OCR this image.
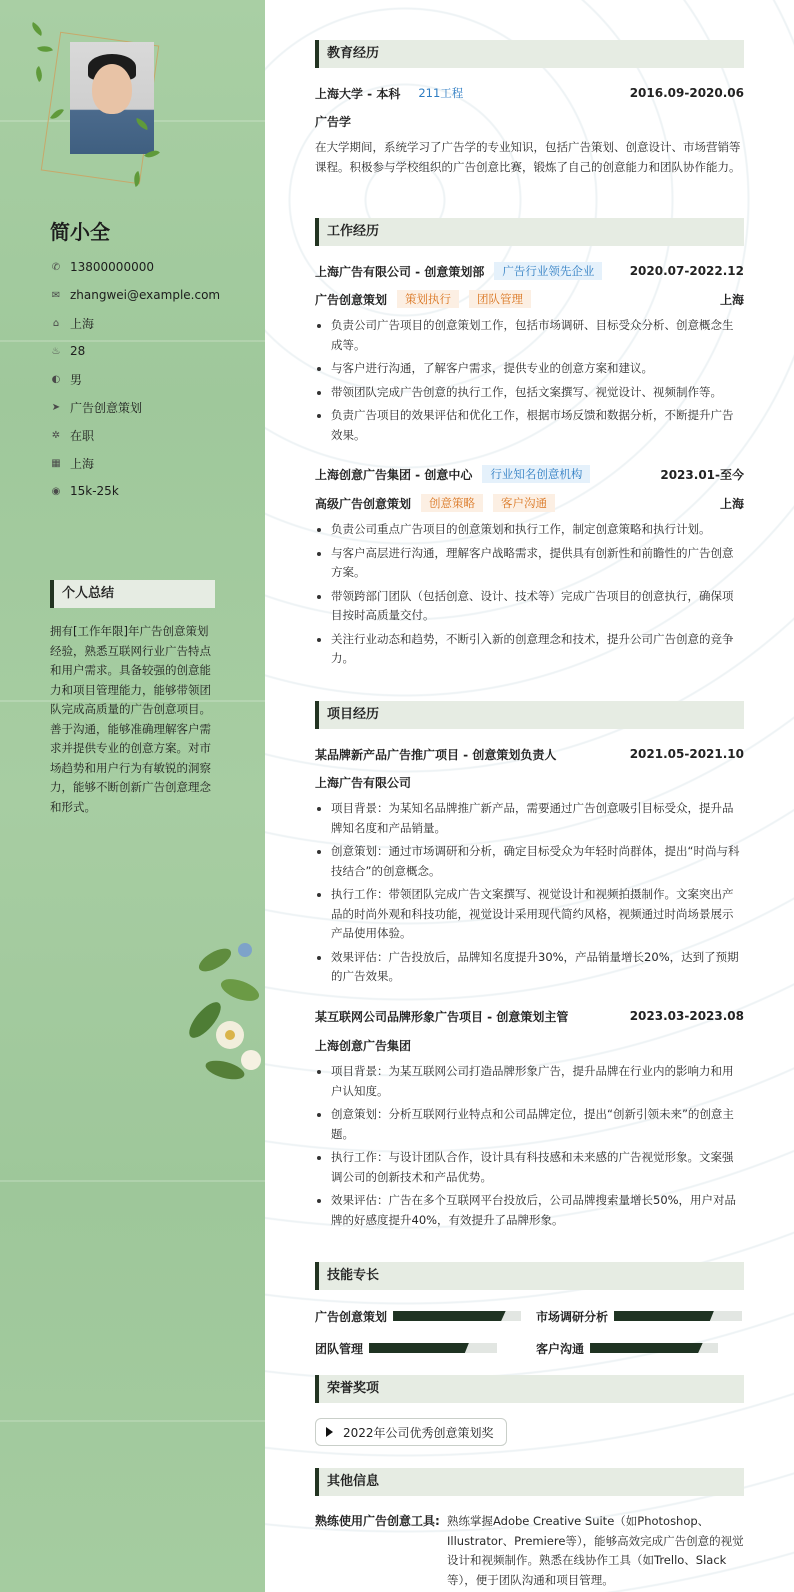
简小全
✆ 13800000000
✉ zhangwei@example.com
⌂ 上海
♨ 28
◐ 男
➤ 广告创意策划
✲ 在职
▦ 上海
◉ 15k-25k
个人总结
拥有[工作年限]年广告创意策划经验，熟悉互联网行业广告特点和用户需求。具备较强的创意能力和项目管理能力，能够带领团队完成高质量的广告创意项目。善于沟通，能够准确理解客户需求并提供专业的创意方案。对市场趋势和用户行为有敏锐的洞察力，能够不断创新广告创意理念和形式。
教育经历
上海大学 - 本科	211工程	2016.09-2020.06
广告学
在大学期间，系统学习了广告学的专业知识，包括广告策划、创意设计、市场营销等课程。积极参与学校组织的广告创意比赛，锻炼了自己的创意能力和团队协作能力。
工作经历
上海广告有限公司 - 创意策划部	广告行业领先企业	2020.07-2022.12
广告创意策划	策划执行	团队管理	上海
负责公司广告项目的创意策划工作，包括市场调研、目标受众分析、创意概念生成等。
与客户进行沟通，了解客户需求，提供专业的创意方案和建议。
带领团队完成广告创意的执行工作，包括文案撰写、视觉设计、视频制作等。
负责广告项目的效果评估和优化工作，根据市场反馈和数据分析，不断提升广告效果。
上海创意广告集团 - 创意中心	行业知名创意机构	2023.01-至今
高级广告创意策划	创意策略	客户沟通	上海
负责公司重点广告项目的创意策划和执行工作，制定创意策略和执行计划。
与客户高层进行沟通，理解客户战略需求，提供具有创新性和前瞻性的广告创意方案。
带领跨部门团队（包括创意、设计、技术等）完成广告项目的创意执行，确保项目按时高质量交付。
关注行业动态和趋势，不断引入新的创意理念和技术，提升公司广告创意的竞争力。
项目经历
某品牌新产品广告推广项目 - 创意策划负责人	2021.05-2021.10
上海广告有限公司
项目背景：为某知名品牌推广新产品，需要通过广告创意吸引目标受众，提升品牌知名度和产品销量。
创意策划：通过市场调研和分析，确定目标受众为年轻时尚群体，提出“时尚与科技结合”的创意概念。
执行工作：带领团队完成广告文案撰写、视觉设计和视频拍摄制作。文案突出产品的时尚外观和科技功能，视觉设计采用现代简约风格，视频通过时尚场景展示产品使用体验。
效果评估：广告投放后，品牌知名度提升30%，产品销量增长20%，达到了预期的广告效果。
某互联网公司品牌形象广告项目 - 创意策划主管	2023.03-2023.08
上海创意广告集团
项目背景：为某互联网公司打造品牌形象广告，提升品牌在行业内的影响力和用户认知度。
创意策划：分析互联网行业特点和公司品牌定位，提出“创新引领未来”的创意主题。
执行工作：与设计团队合作，设计具有科技感和未来感的广告视觉形象。文案强调公司的创新技术和产品优势。
效果评估：广告在多个互联网平台投放后，公司品牌搜索量增长50%，用户对品牌的好感度提升40%，有效提升了品牌形象。
技能专长
广告创意策划	市场调研分析
团队管理	客户沟通
荣誉奖项
2022年公司优秀创意策划奖
其他信息
熟练使用广告创意工具: 熟练掌握Adobe Creative Suite（如Photoshop、Illustrator、Premiere等），能够高效完成广告创意的视觉设计和视频制作。熟悉在线协作工具（如Trello、Slack等），便于团队沟通和项目管理。
